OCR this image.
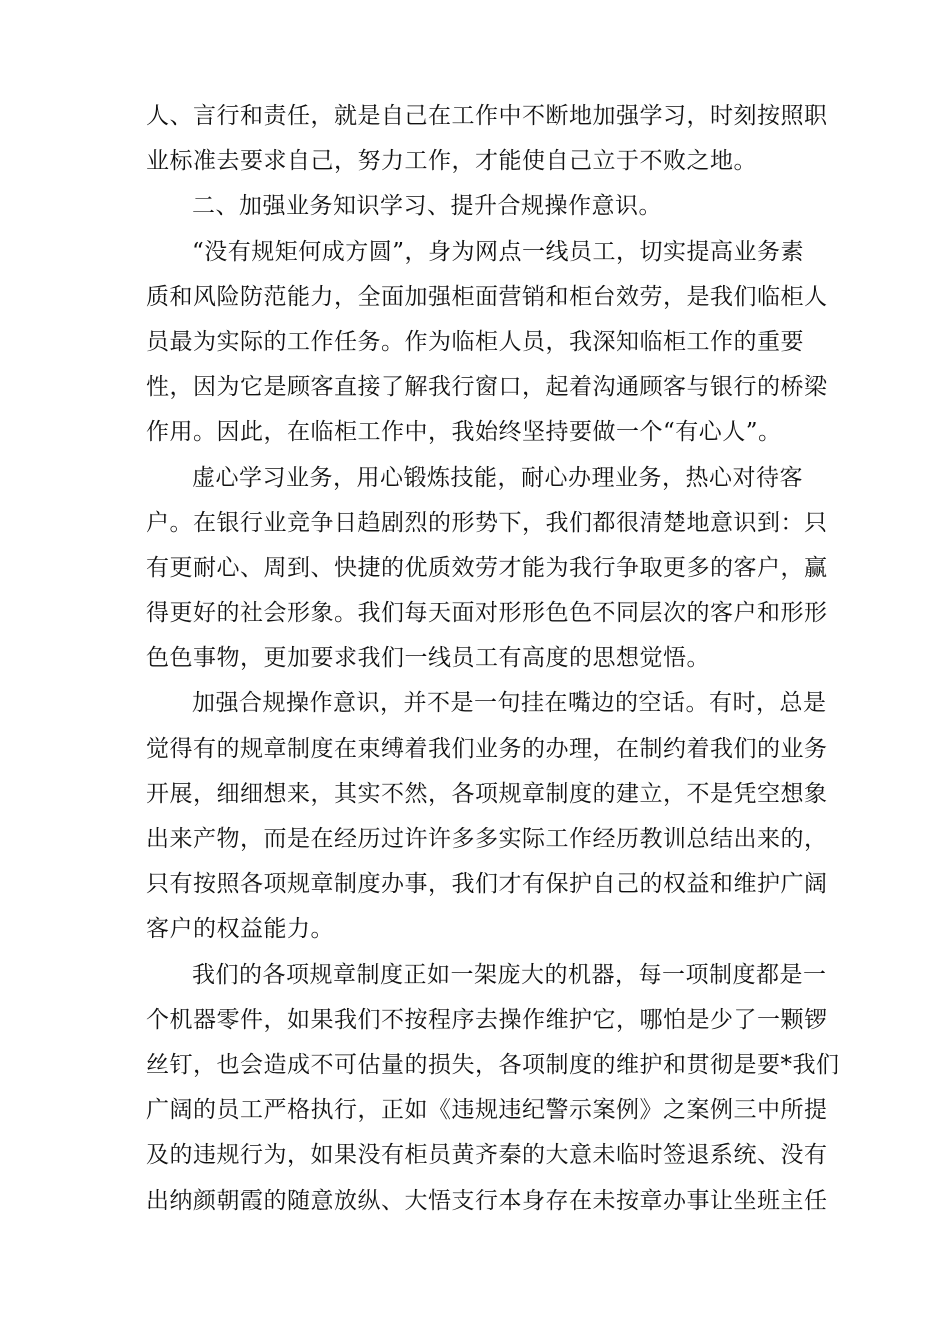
人、言行和责任，就是自己在工作中不断地加强学习，时刻按照职
业标准去要求自己，努力工作，才能使自己立于不败之地。
二、加强业务知识学习、提升合规操作意识。
“没有规矩何成方圆”，身为网点一线员工，切实提高业务素
质和风险防范能力，全面加强柜面营销和柜台效劳，是我们临柜人
员最为实际的工作任务。作为临柜人员，我深知临柜工作的重要
性，因为它是顾客直接了解我行窗口，起着沟通顾客与银行的桥梁
作用。因此，在临柜工作中，我始终坚持要做一个“有心人”。
虚心学习业务，用心锻炼技能，耐心办理业务，热心对待客
户。在银行业竞争日趋剧烈的形势下，我们都很清楚地意识到：只
有更耐心、周到、快捷的优质效劳才能为我行争取更多的客户，赢
得更好的社会形象。我们每天面对形形色色不同层次的客户和形形
色色事物，更加要求我们一线员工有高度的思想觉悟。
加强合规操作意识，并不是一句挂在嘴边的空话。有时，总是
觉得有的规章制度在束缚着我们业务的办理，在制约着我们的业务
开展，细细想来，其实不然，各项规章制度的建立，不是凭空想象
出来产物，而是在经历过许许多多实际工作经历教训总结出来的，
只有按照各项规章制度办事，我们才有保护自己的权益和维护广阔
客户的权益能力。
我们的各项规章制度正如一架庞大的机器，每一项制度都是一
个机器零件，如果我们不按程序去操作维护它，哪怕是少了一颗锣
丝钉，也会造成不可估量的损失，各项制度的维护和贯彻是要*我们
广阔的员工严格执行，正如《违规违纪警示案例》之案例三中所提
及的违规行为，如果没有柜员黄齐秦的大意未临时签退系统、没有
出纳颜朝霞的随意放纵、大悟支行本身存在未按章办事让坐班主任
